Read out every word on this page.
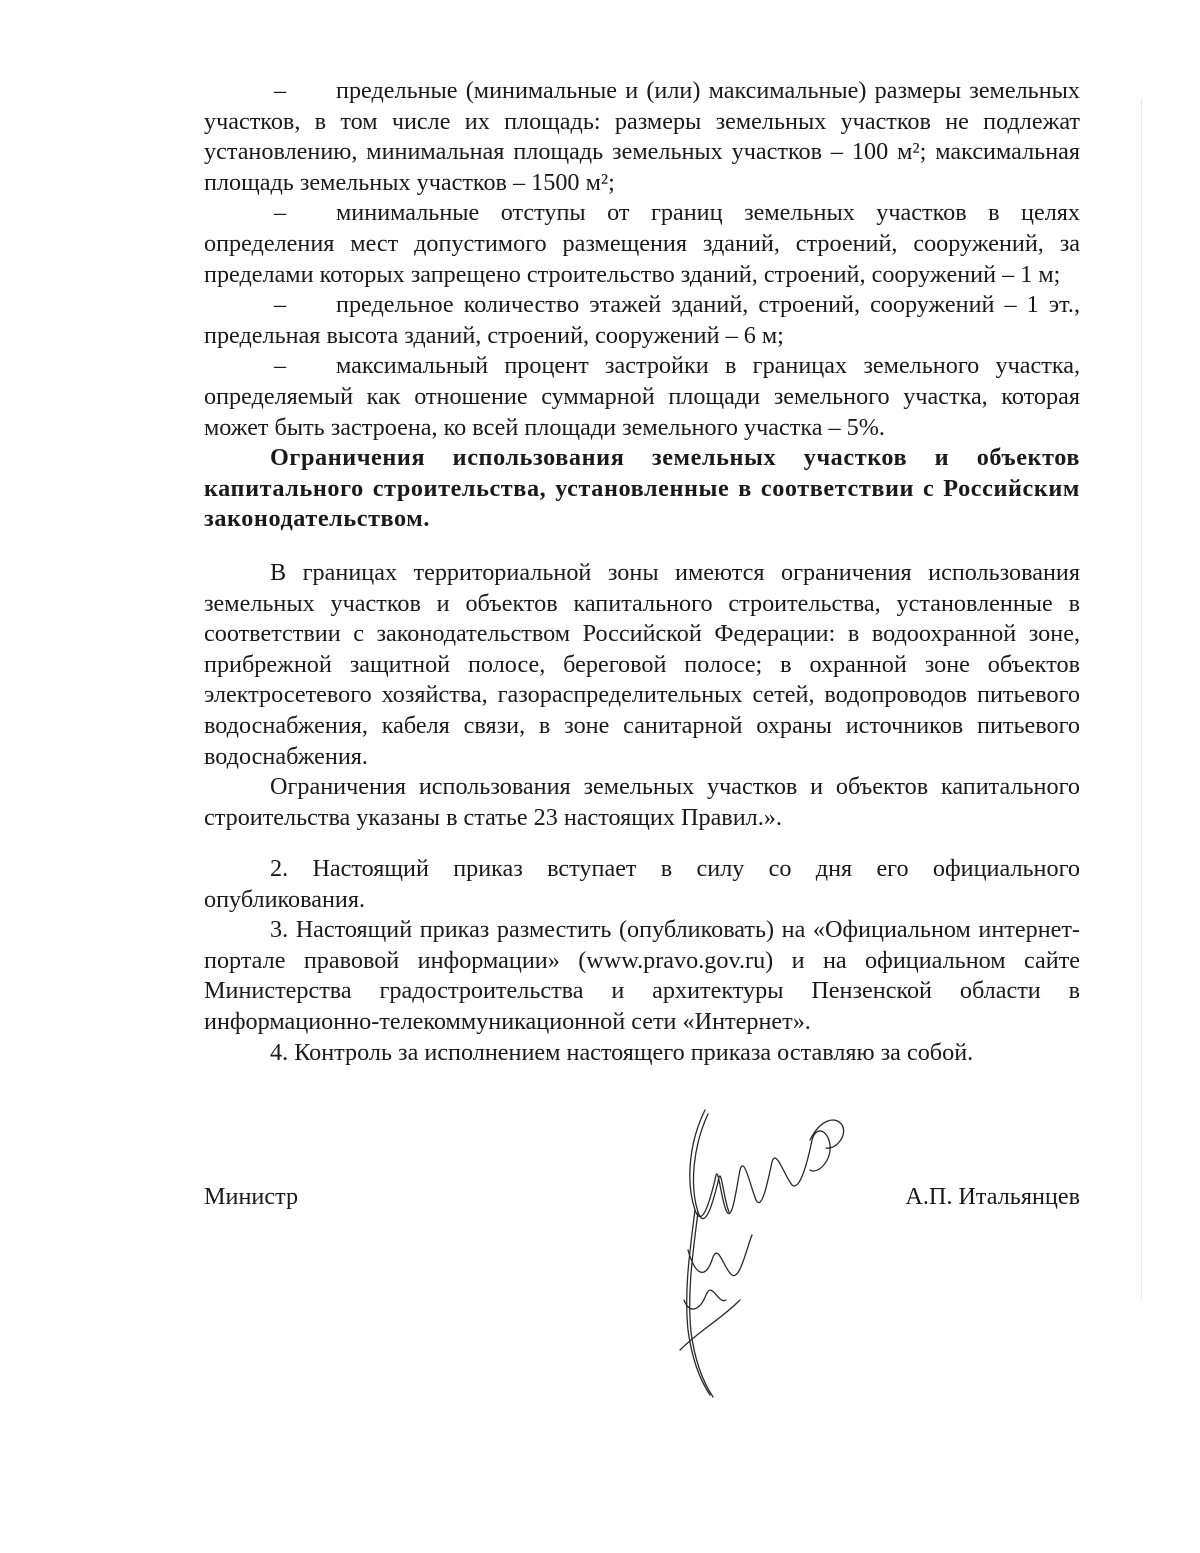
– предельные (минимальные и (или) максимальные) размеры земельных участков, в том числе их площадь: размеры земельных участков не подлежат установлению, минимальная площадь земельных участков – 100 м²; максимальная площадь земельных участков – 1500 м²;

– минимальные отступы от границ земельных участков в целях определения мест допустимого размещения зданий, строений, сооружений, за пределами которых запрещено строительство зданий, строений, сооружений – 1 м;

– предельное количество этажей зданий, строений, сооружений – 1 эт., предельная высота зданий, строений, сооружений – 6 м;

– максимальный процент застройки в границах земельного участка, определяемый как отношение суммарной площади земельного участка, которая может быть застроена, ко всей площади земельного участка – 5%.

Ограничения использования земельных участков и объектов капитального строительства, установленные в соответствии с Российским законодательством.

В границах территориальной зоны имеются ограничения использования земельных участков и объектов капитального строительства, установленные в соответствии с законодательством Российской Федерации: в водоохранной зоне, прибрежной защитной полосе, береговой полосе; в охранной зоне объектов электросетевого хозяйства, газораспределительных сетей, водопроводов питьевого водоснабжения, кабеля связи, в зоне санитарной охраны источников питьевого водоснабжения.

Ограничения использования земельных участков и объектов капитального строительства указаны в статье 23 настоящих Правил.».

2. Настоящий приказ вступает в силу со дня его официального опубликования.

3. Настоящий приказ разместить (опубликовать) на «Официальном интернет-портале правовой информации» (www.pravo.gov.ru) и на официальном сайте Министерства градостроительства и архитектуры Пензенской области в информационно-телекоммуникационной сети «Интернет».

4. Контроль за исполнением настоящего приказа оставляю за собой.

Министр	А.П. Итальянцев
